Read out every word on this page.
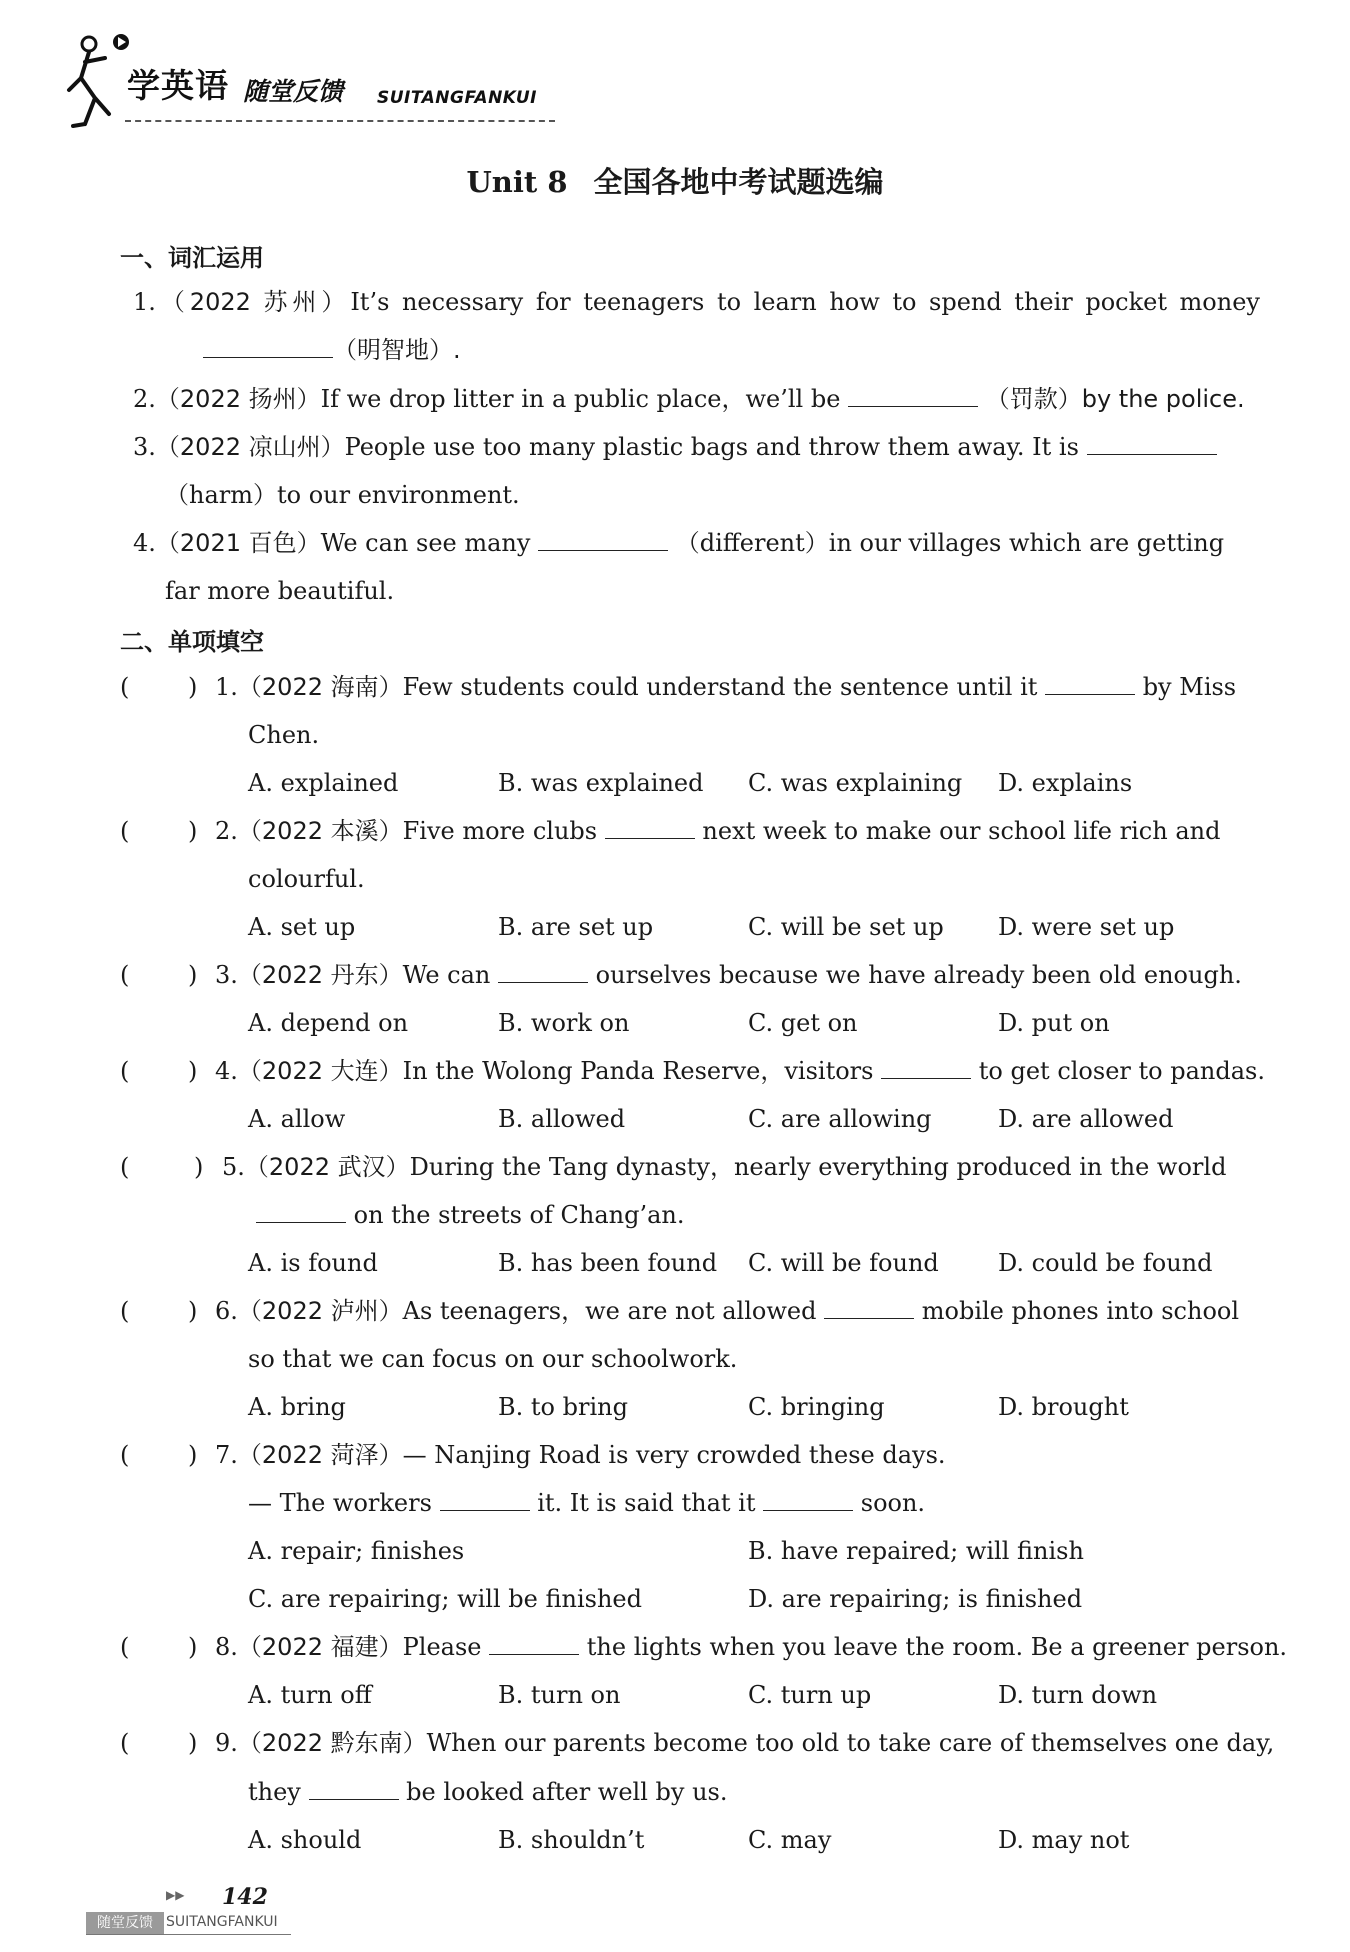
学英语 随堂反馈 SUITANGFANKUI
Unit 8 全国各地中考试题选编
一、词汇运用
1.（2022 苏州）It’s necessary for teenagers to learn how to spend their pocket money
（明智地）.
2.（2022 扬州）If we drop litter in a public place，we’ll be	（罚款）by the police.
3.（2022 凉山州）People use too many plastic bags and throw them away. It is
（harm）to our environment.
4.（2021 百色）We can see many	（different）in our villages which are getting
far more beautiful.
二、单项填空
( ) 1.（2022 海南）Few students could understand the sentence until it	by Miss
Chen.
A. explained	B. was explained C. was explaining D. explains
( ) 2.（2022 本溪）Five more clubs	next week to make our school life rich and
colourful.
A. set up	B. are set up	C. will be set up D. were set up
( ) 3.（2022 丹东）We can	ourselves because we have already been old enough.
A. depend on	B. work on	C. get on	D. put on
( ) 4.（2022 大连）In the Wolong Panda Reserve，visitors	to get closer to pandas.
A. allow	B. allowed	C. are allowing	D. are allowed
(	) 5.（2022 武汉）During the Tang dynasty，nearly everything produced in the world
on the streets of Chang’an.
A. is found	B. has been found C. will be found D. could be found
( ) 6.（2022 泸州）As teenagers，we are not allowed	mobile phones into school
so that we can focus on our schoolwork.
A. bring	B. to bring	C. bringing	D. brought
( ) 7.（2022 菏泽）— Nanjing Road is very crowded these days.
— The workers	it. It is said that it	soon.
A. repair; finishes	B. have repaired; will finish
C. are repairing; will be finished	D. are repairing; is finished
( ) 8.（2022 福建）Please	the lights when you leave the room. Be a greener person.
A. turn off	B. turn on	C. turn up	D. turn down
( ) 9.（2022 黔东南）When our parents become too old to take care of themselves one day,
they	be looked after well by us.
A. should	B. shouldn’t	C. may	D. may not
▶▶ 142
随堂反馈 SUITANGFANKUI
